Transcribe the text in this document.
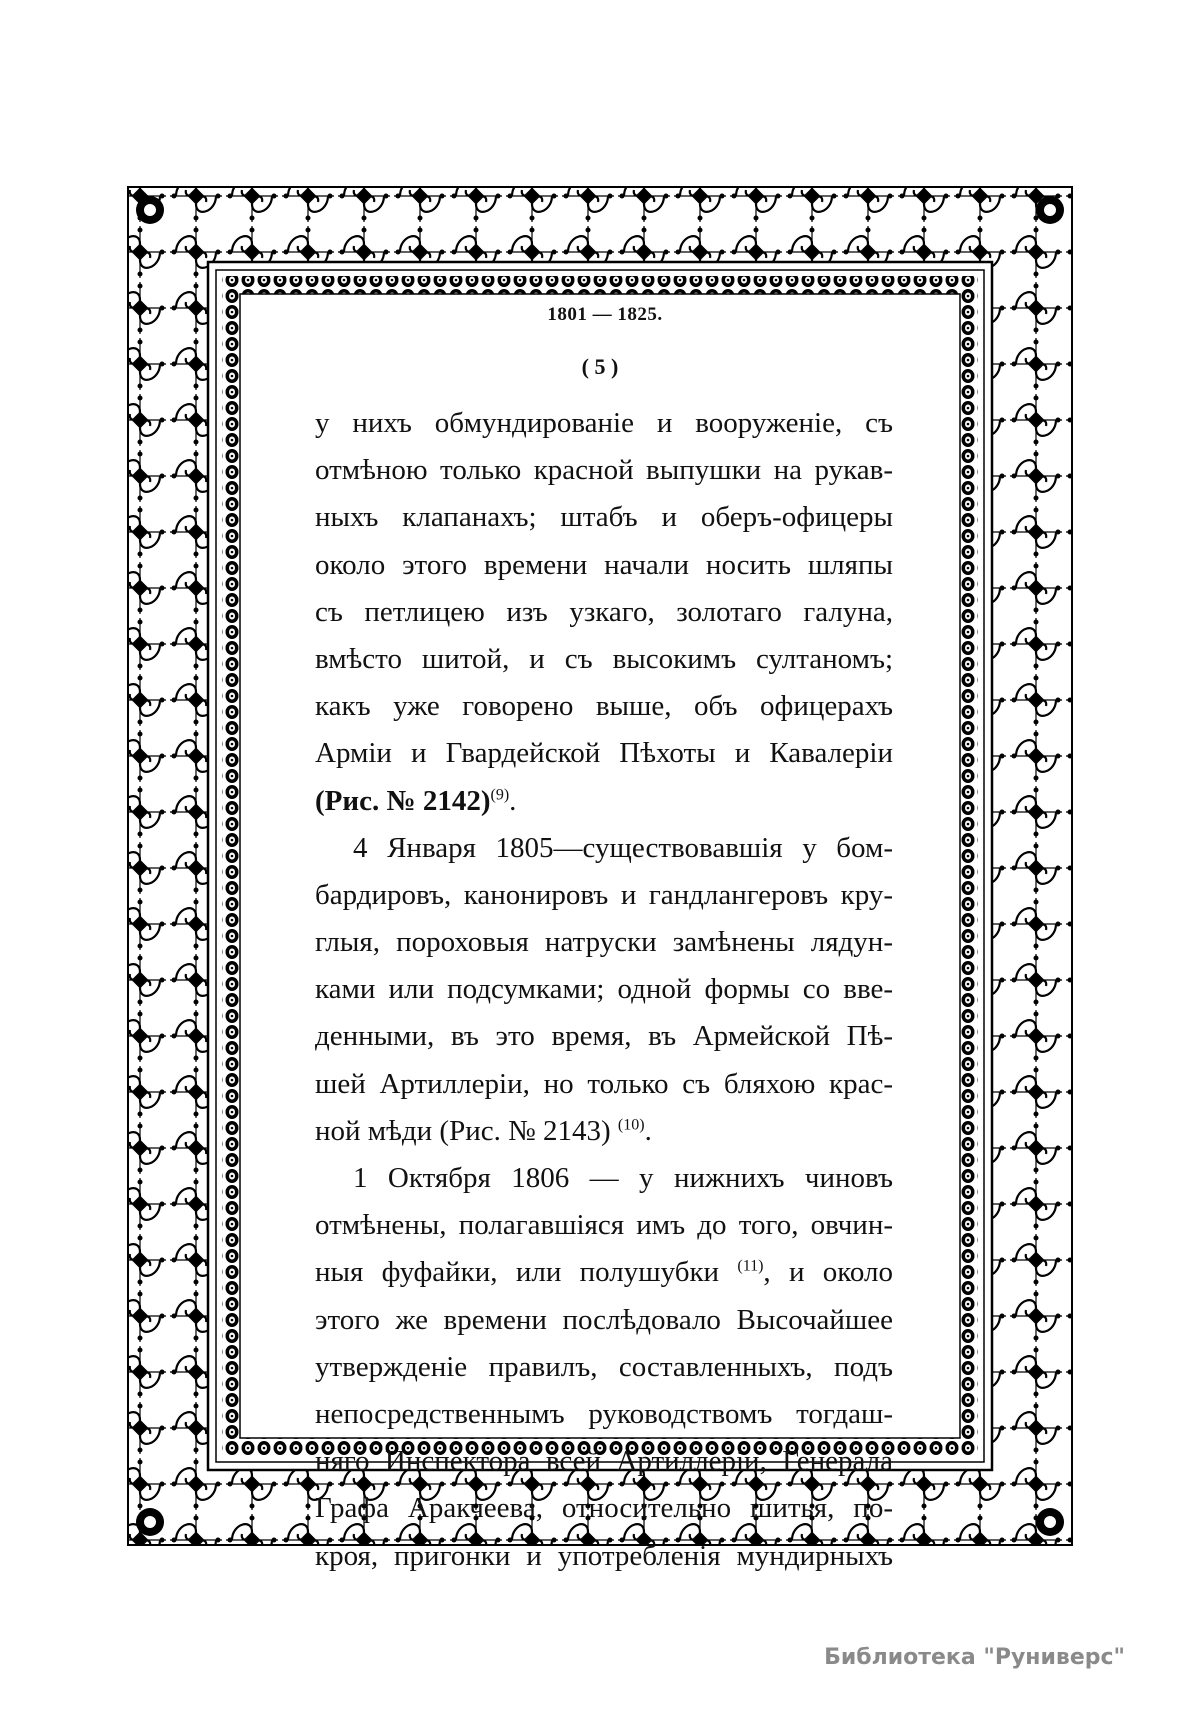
1801 — 1825.
( 5 )
у нихъ обмундированіе и вооруженіе, съ
отмѣною только красной выпушки на рукав-
ныхъ клапанахъ; штабъ и оберъ-офицеры
около этого времени начали носить шляпы
съ петлицею изъ узкаго, золотаго галуна,
вмѣсто шитой, и съ высокимъ султаномъ;
какъ уже говорено выше, объ офицерахъ
Арміи и Гвардейской Пѣхоты и Кавалеріи
(Рис. № 2142)$^{(9)}$.
4 Января 1805—существовавшія у бом-
бардировъ, канонировъ и гандлангеровъ кру-
глыя, пороховыя натруски замѣнены лядун-
ками или подсумками; одной формы со вве-
денными, въ это время, въ Армейской Пѣ-
шей Артиллеріи, но только съ бляхою крас-
ной мѣди (Рис. № 2143) $^{(10)}$.
1 Октября 1806 — у нижнихъ чиновъ
отмѣнены, полагавшіяся имъ до того, овчин-
ныя фуфайки, или полушубки $^{(11)}$, и около
этого же времени послѣдовало Высочайшее
утвержденіе правилъ, составленныхъ, подъ
непосредственнымъ руководствомъ тогдаш-
няго Инспектора всей Артиллеріи, Генерала
Графа Аракчеева, относительно шитья, по-
кроя, пригонки и употребленія мундирныхъ
Библиотека "Руниверс"
